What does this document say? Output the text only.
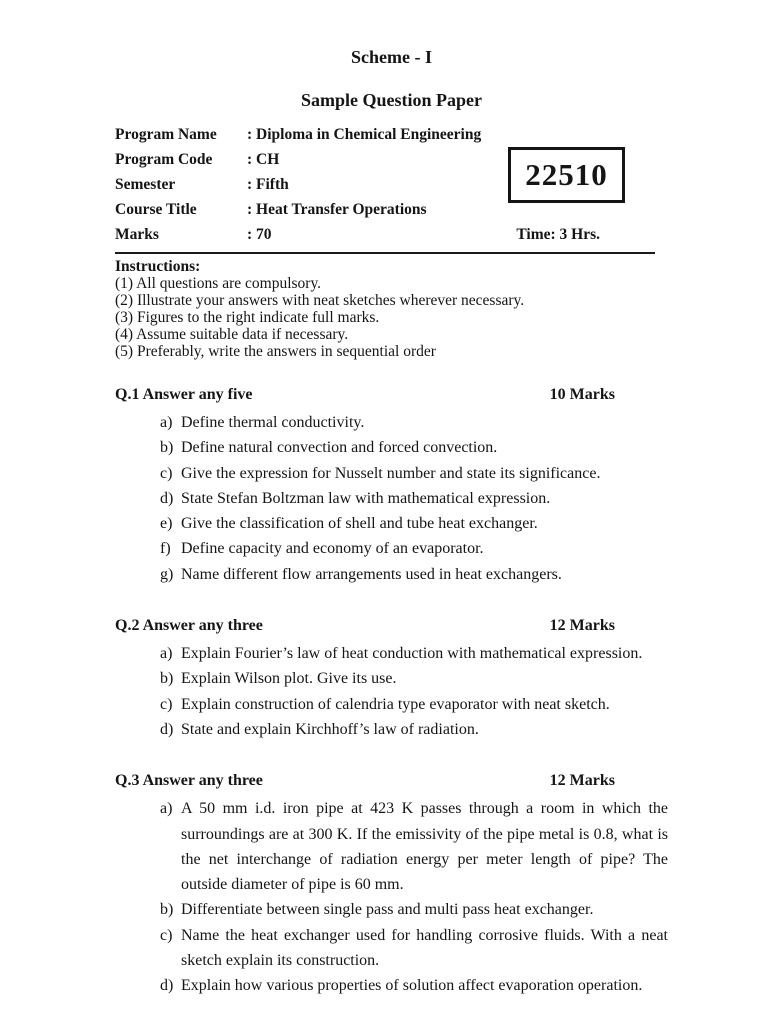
Scheme - I
Sample Question Paper
Program Name	: Diploma in Chemical Engineering
Program Code	: CH
Semester	: Fifth
Course Title	: Heat Transfer Operations
Marks	: 70	Time: 3 Hrs.
22510
Instructions:
(1) All questions are compulsory.
(2) Illustrate your answers with neat sketches wherever necessary.
(3) Figures to the right indicate full marks.
(4) Assume suitable data if necessary.
(5) Preferably, write the answers in sequential order
Q.1 Answer any five	10 Marks
a) Define thermal conductivity.
b) Define natural convection and forced convection.
c) Give the expression for Nusselt number and state its significance.
d) State Stefan Boltzman law with mathematical expression.
e) Give the classification of shell and tube heat exchanger.
f) Define capacity and economy of an evaporator.
g) Name different flow arrangements used in heat exchangers.
Q.2 Answer any three	12 Marks
a) Explain Fourier’s law of heat conduction with mathematical expression.
b) Explain Wilson plot. Give its use.
c) Explain construction of calendria type evaporator with neat sketch.
d) State and explain Kirchhoff’s law of radiation.
Q.3 Answer any three	12 Marks
a) A 50 mm i.d. iron pipe at 423 K passes through a room in which the surroundings are at 300 K. If the emissivity of the pipe metal is 0.8, what is the net interchange of radiation energy per meter length of pipe? The outside diameter of pipe is 60 mm.
b) Differentiate between single pass and multi pass heat exchanger.
c) Name the heat exchanger used for handling corrosive fluids. With a neat sketch explain its construction.
d) Explain how various properties of solution affect evaporation operation.
